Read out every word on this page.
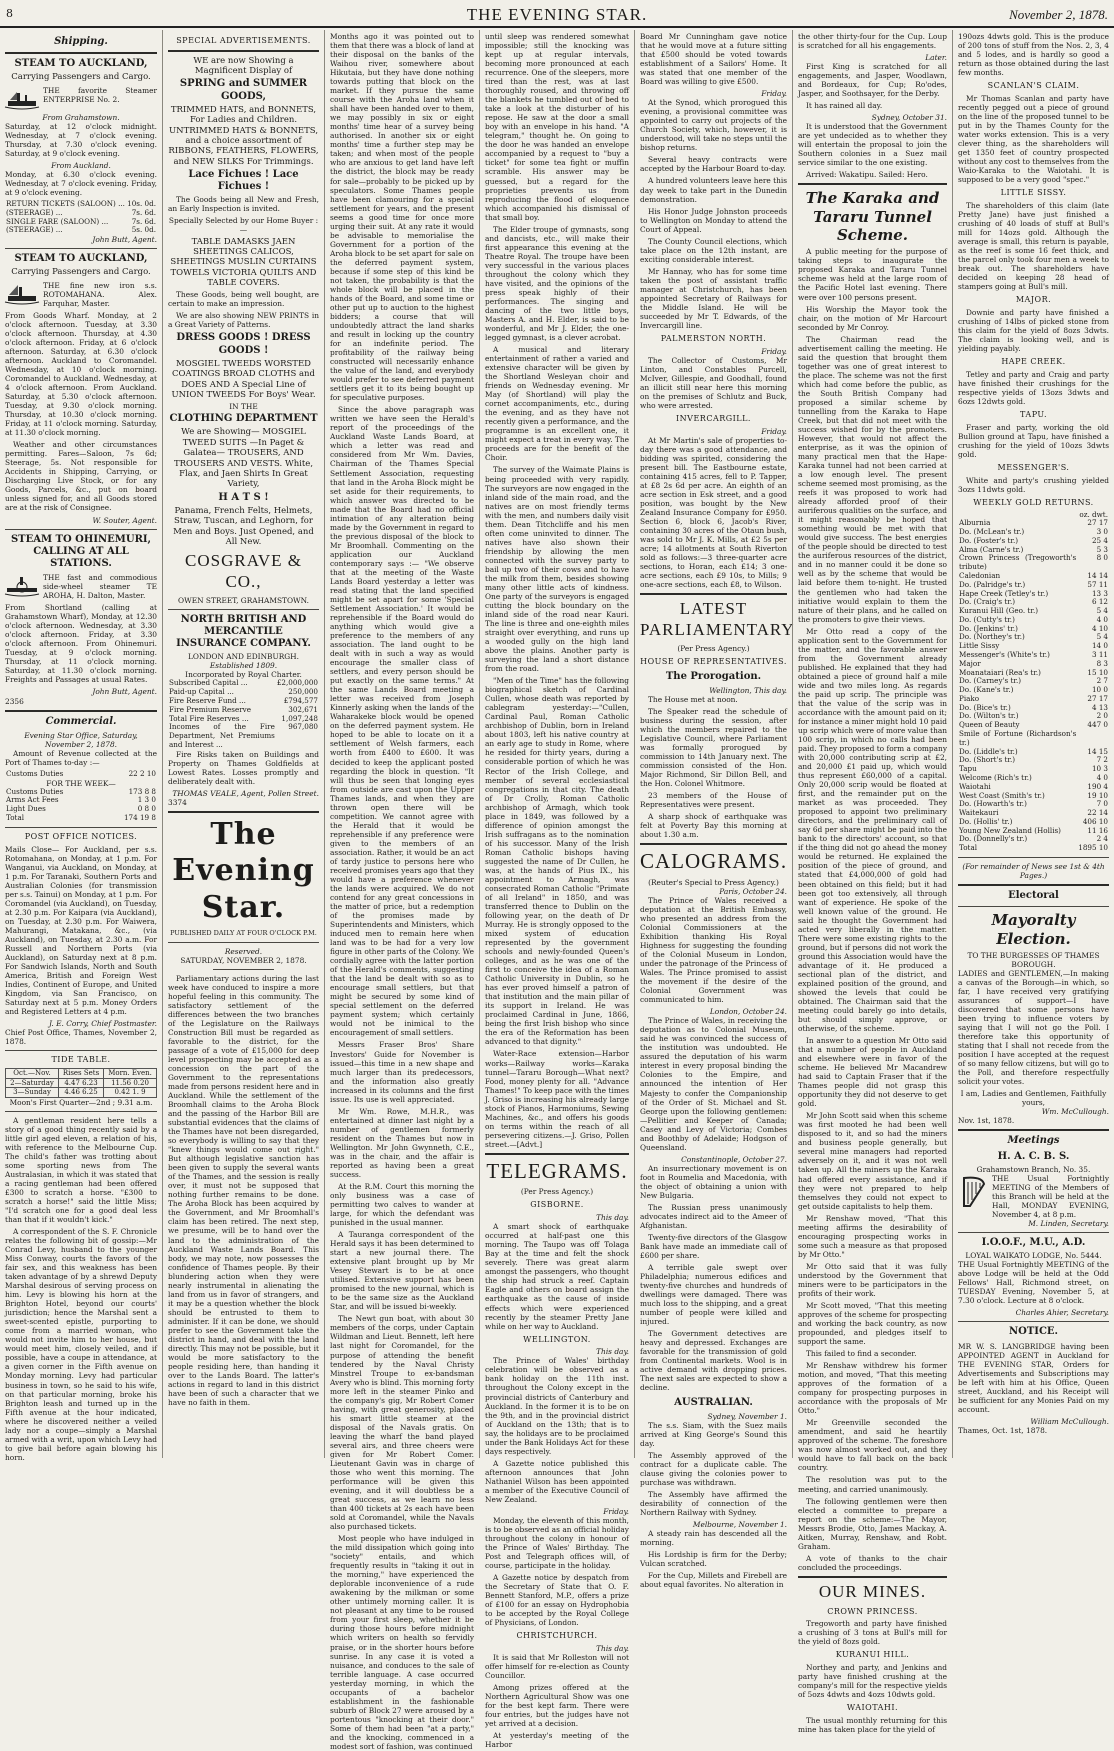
8	THE EVENING STAR.	November 2, 1878.
Shipping.
STEAM TO AUCKLAND,
Carrying Passengers and Cargo.
THE favorite Steamer ENTERPRISE No. 2.
From Grahamstown.

Saturday, at 12 o'clock midnight. Wednesday, at 7 o'clock evening. Thursday, at 7.30 o'clock evening. Saturday, at 9 o'clock evening.

From Auckland.

Monday, at 6.30 o'clock evening. Wednesday, at 7 o'clock evening. Friday, at 9 o'clock evening.

RETURN TICKETS (SALOON) ...	10s. 0d.
(STEERAGE) ...	7s. 6d.
SINGLE FARE (SALOON) ...	7s. 6d.
(STEERAGE) ...	5s. 0d.
John Butt, Agent.
STEAM TO AUCKLAND,
Carrying Passengers and Cargo.
THE fine new iron s.s. ROTOMAHANA. Alex. Farquhar, Master.

From Goods Wharf. Monday, at 2 o'clock afternoon. Tuesday, at 3.30 o'clock afternoon. Thursday, at 4.30 o'clock afternoon. Friday, at 6 o'clock afternoon. Saturday, at 6.30 o'clock afternoon. Auckland to Coromandel. Wednesday, at 10 o'clock morning. Coromandel to Auckland. Wednesday, at 4 o'clock afternoon. From Auckland. Saturday, at 5.30 o'clock afternoon. Tuesday, at 9.30 o'clock morning. Thursday, at 10.30 o'clock morning. Friday, at 11 o'clock morning. Saturday, at 11.30 o'clock morning.

Weather and other circumstances permitting. Fares—Saloon, 7s 6d; Steerage, 5s. Not responsible for Accidents in Shipping, Carrying, or Discharging Live Stock, or for any Goods, Parcels, &c., put on board unless signed for, and all Goods stored are at the risk of Consignee.

W. Souter, Agent.
STEAM TO OHINEMURI, CALLING AT ALL STATIONS.
THE fast and commodious side-wheel steamer TE AROHA, H. Dalton, Master.

From Shortland (calling at Grahamstown Wharf), Monday, at 12.30 o'clock afternoon. Wednesday, at 3.30 o'clock afternoon. Friday, at 3.30 o'clock afternoon. From Ohinemuri. Tuesday, at 9 o'clock morning. Thursday, at 11 o'clock morning. Saturday, at 11.30 o'clock morning. Freights and Passages at usual Rates.

John Butt, Agent.
2356
Commercial.
Evening Star Office, Saturday, November 2, 1878.

Amount of Revenue collected at the Port of Thames to-day :—

Customs Duties	22 2 10
FOR THE WEEK—
Customs Duties	173 8 8
Arms Act Fees	1 3 0
Light Dues	0 8 0
Total	174 19 8
POST OFFICE NOTICES.

Mails Close— For Auckland, per s.s. Rotomahana, on Monday, at 1 p.m. For Wanganui, via Auckland, on Monday, at 1 p.m. For Taranaki, Southern Ports and Australian Colonies (for transmission per s.s. Tainui) on Monday, at 1 p.m. For Coromandel (via Auckland), on Tuesday, at 2.30 p.m. For Kaipara (via Auckland), on Tuesday, at 2.30 p.m. For Waiwera, Mahurangi, Matakana, &c., (via Auckland), on Tuesday, at 2.30 a.m. For Russell and Northern Ports (via Auckland), on Saturday next at 8 p.m. For Sandwich Islands, North and South America, British and Foreign West Indies, Continent of Europe, and United Kingdom, via San Francisco, on Saturday next at 5 p.m. Money Orders and Registered Letters at 4 p.m.

J. E. Corry, Chief Postmaster.
Chief Post Office, Thames, November 2, 1878.
TIDE TABLE.
Oct.—Nov.	Rises Sets	Morn. Even.
2—Saturday	4.47 6.23	11.56 0.20
3—Sunday	4.46 6.25	0.42 1. 9
Moon's First Quarter—2nd ; 9.31 a.m.

A gentleman resident here tells a story of a good thing recently said by a little girl aged eleven, a relation of his, with reference to the Melbourne Cup. The child's father was trotting about some sporting news from The Australasian, in which it was stated that a racing gentleman had been offered £300 to scratch a horse. "£300 to scratch a horse!" said the little Miss; "I'd scratch one for a good deal less than that if it wouldn't kick."

A correspondent of the S. F. Chronicle relates the following bit of gossip:—Mr Conrad Levy, husband to the younger Miss Conway, courts the favors of the fair sex, and this weakness has been taken advantage of by a shrewd Deputy Marshal desirous of serving process on him. Levy is blowing his horn at the Brighton Hotel, beyond our courts' jurisdiction; hence the Marshal sent a sweet-scented epistle, purporting to come from a married woman, who would not invite him to her house, but would meet him, closely veiled, and if possible, have a coupe in attendance, at a given corner in the Fifth avenue on Monday morning. Levy had particular business in town, so he said to his wife, on that particular morning, broke his Brighton leash and turned up in the Fifth avenue at the hour indicated, where he discovered neither a veiled lady nor a coupe—simply a Marshal armed with a writ, upon which Levy had to give bail before again blowing his horn.

SPECIAL ADVERTISEMENTS.
WE are now Showing a Magnificent Display of
SPRING and SUMMER GOODS,
TRIMMED HATS, and BONNETS, For Ladies and Children. UNTRIMMED HATS & BONNETS, and a choice assortment of RIBBONS, FEATHERS, FLOWERS, and NEW SILKS For Trimmings.
Lace Fichues ! Lace Fichues !

The Goods being all New and Fresh, an Early Inspection is invited.

Specially Selected by our Home Buyer :—
TABLE DAMASKS JAEN SHEETINGS CALICOS, SHEETINGS MUSLIN CURTAINS TOWELS VICTORIA QUILTS AND TABLE COVERS.

These Goods, being well bought, are certain to make an impression.

We are also showing NEW PRINTS in a Great Variety of Patterns.

DRESS GOODS ! DRESS GOODS !
MOSGIEL TWEEDS WORSTED COATINGS BROAD CLOTHS and DOES AND A Special Line of UNION TWEEDS For Boys' Wear.
IN THE
CLOTHING DEPARTMENT
We are Showing— MOSGIEL TWEED SUITS —In Paget & Galatea— TROUSERS, AND TROUSERS AND VESTS. White, Flax, and Jaen Shirts In Great Variety,
H A T S !
Panama, French Felts, Helmets, Straw, Tuscan, and Leghorn, for Men and Boys. Just Opened, and All New.
COSGRAVE & CO.,
OWEN STREET, GRAHAMSTOWN.
NORTH BRITISH AND MERCANTILE INSURANCE COMPANY.
LONDON AND EDINBURGH.
Established 1809.
Incorporated by Royal Charter.
Subscribed Capital ...	£2,000,000
Paid-up Capital ...	250,000
Fire Reserve Fund ...	£794,577
Fire Premium Reserve	302,671
Total Fire Reserves ...	1,097,248
Incomes of the Fire Department, Net Premiums and Interest ...	967,080

Fire Risks taken on Buildings and Property on Thames Goldfields at Lowest Rates. Losses promptly and deliberately dealt with.

THOMAS VEALE, Agent, Pollen Street.
3374
The Evening Star.
PUBLISHED DAILY AT FOUR O'CLOCK P.M.
Reserved.
SATURDAY, NOVEMBER 2, 1878.

Parliamentary actions during the last week have conduced to inspire a more hopeful feeling in this community. The satisfactory settlement of the differences between the two branches of the Legislature on the Railways Construction Bill must be regarded as favorable to the district, for the passage of a vote of £15,000 for deep level prospecting may be accepted as a concession on the part of the Government to the representations made from persons resident here and in Auckland. While the settlement of the Broomhall claims to the Aroha Block and the passing of the Harbor Bill are substantial evidences that the claims of the Thames have not been disregarded, so everybody is willing to say that they "knew things would come out right." But although legislative sanction has been given to supply the several wants of the Thames, and the session is really over, it must not be supposed that nothing further remains to be done. The Aroha Block has been acquired by the Government, and Mr Broomhall's claim has been retired. The next step, we presume, will be to hand over the land to the administration of the Auckland Waste Lands Board. This body, we may note, now possesses the confidence of Thames people. By their blundering action when they were nearly instrumental in alienating the land from us in favor of strangers, and it may be a question whether the block should be entrusted to them to administer. If it can be done, we should prefer to see the Government take the district in hand, and deal with the land directly. This may not be possible, but it would be more satisfactory to the people residing here, than handing it over to the Lands Board. The latter's actions in regard to land in this district have been of such a character that we have no faith in them.

Months ago it was pointed out to them that there was a block of land at their disposal on the banks of the Waihou river, somewhere about Hikutaia, but they have done nothing towards putting that block on the market. If they pursue the same course with the Aroha land when it shall have been handed over to them, we may possibly in six or eight months' time hear of a survey being authorised. In another six or eight months' time a further step may be taken; and when most of the people who are anxious to get land have left the district, the block may be ready for sale—probably to be picked up by speculators. Some Thames people have been clamouring for a special settlement for years, and the present seems a good time for once more urging their suit. At any rate it would be advisable to memorialise the Government for a portion of the Aroha block to be set apart for sale on the deferred payment system, because if some step of this kind be not taken, the probability is that the whole block will be placed in the hands of the Board, and some time or other put up to auction to the highest bidders; a course that will undoubtedly attract the land sharks and result in locking up the country for an indefinite period. The profitability of the railway being constructed will necessarily enhance the value of the land, and everybody would prefer to see deferred payment settlers get it to its being bought up for speculative purposes.

Since the above paragraph was written we have seen the Herald's report of the proceedings of the Auckland Waste Lands Board, at which a letter was read and considered from Mr Wm. Davies, Chairman of the Thames Special Settlement Association, requesting that land in the Aroha Block might be set aside for their requirements, to which answer was directed to be made that the Board had no official intimation of any alteration being made by the Government in regard to the previous disposal of the block to Mr Broomhall. Commenting on the application our Auckland contemporary says :— "We observe that at the meeting of the Waste Lands Board yesterday a letter was read stating that the land specified might be set apart for some 'Special Settlement Association.' It would be reprehensible if the Board would do anything which would give a preference to the members of any association. The land ought to be dealt with in such a way as would encourage the smaller class of settlers, and every person should be put exactly on the same terms." At the same Lands Board meeting a letter was received from Joseph Kinnerly asking when the lands of the Waharakeke block would be opened on the deferred payment system. He hoped to be able to locate on it a settlement of Welsh farmers, each worth from £400 to £600. It was decided to keep the applicant posted regarding the block in question. "It will thus be seen that longing eyes from outside are cast upon the Upper Thames lands, and when they are thrown open there will be competition. We cannot agree with the Herald that it would be reprehensible if any preference were given to the members of an association. Rather, it would be an act of tardy justice to persons here who received promises years ago that they would have a preference whenever the lands were acquired. We do not contend for any great concessions in the matter of price, but a redemption of the promises made by Superintendents and Ministers, which induced men to remain here when land was to be had for a very low figure in other parts of the Colony. We cordially agree with the latter portion of the Herald's comments, suggesting that the land be dealt with so as to encourage small settlers, but that might be secured by some kind of special settlement on the deferred payment system; which certainly would not be inimical to the encouragement of small settlers.

Messrs Fraser Bros' Share Investors' Guide for November is issued—this time in a new shape and much larger than its predecessors, and the information also greatly increased in its columns and the first issue. Its use is well appreciated.

Mr Wm. Rowe, M.H.R., was entertained at dinner last night by a number of gentlemen formerly resident on the Thames but now in Wellington. Mr John Gwynneth, C.E., was in the chair, and the affair is reported as having been a great success.

At the R.M. Court this morning the only business was a case of permitting two calves to wander at large, for which the defendant was punished in the usual manner.

A Tauranga correspondent of the Herald says it has been determined to start a new journal there. The extensive plant brought up by Mr Vesey Stewart is to be at once utilised. Extensive support has been promised to the new journal, which is to be the same size as the Auckland Star, and will be issued bi-weekly.

The Newt gun boat, with about 30 members of the corps, under Captain Wildman and Lieut. Bennett, left here last night for Coromandel, for the purpose of attending the benefit tendered by the Naval Christy Minstrel Troupe to ex-bandsman Avery who is blind. This morning forty more left in the steamer Pinko and the company's gig, Mr Robert Comer having, with great generosity, placed his smart little steamer at the disposal of the Navals gratis. On leaving the wharf the band played several airs, and three cheers were given for Mr Robert Comer. Lieutenant Gavin was in charge of those who went this morning. The performance will be given this evening, and it will doubtless be a great success, as we learn no less than 400 tickets at 2s each have been sold at Coromandel, while the Navals also purchased tickets.

Most people who have indulged in the mild dissipation which going into "society" entails, and which frequently results in "taking it out in the morning," have experienced the deplorable inconvenience of a rude awakening by the milkman or some other untimely morning caller. It is not pleasant at any time to be roused from your first sleep, whether it be during those hours before midnight which writers on health so fervidly praise, or in the shorter hours before sunrise. In any case it is voted a nuisance, and conduces to the sale of terrible language. A case occurred yesterday morning, in which the occupants of a bachelor establishment in the fashionable suburb of Block 27 were aroused by a portentous "knocking at their door." Some of them had been "at a party," and the knocking, commenced in a modest sort of fashion, was continued

until sleep was rendered somewhat impossible; still the knocking was kept up at regular intervals, becoming more pronounced at each recurrence. One of the sleepers, more tired than the rest, was at last thoroughly roused, and throwing off the blankets he tumbled out of bed to take a look at the disturber of his repose. He saw at the door a small boy with an envelope in his hand. "A telegram," thought he. On going to the door he was handed an envelope accompanied by a request to "buy a ticket" for some tea fight or muffin scramble. His answer may be guessed, but a regard for the proprieties prevents us from reproducing the flood of eloquence which accompanied his dismissal of that small boy.

The Elder troupe of gymnasts, song and dancists, etc., will make their first appearance this evening at the Theatre Royal. The troupe have been very successful in the various places throughout the colony which they have visited, and the opinions of the press speak highly of their performances. The singing and dancing of the two little boys, Masters A. and H. Elder, is said to be wonderful, and Mr J. Elder, the one-legged gymnast, is a clever acrobat.

A musical and literary entertainment of rather a varied and extensive character will be given by the Shortland Wesleyan choir and friends on Wednesday evening. Mr May (of Shortland) will play the cornet accompaniments, etc., during the evening, and as they have not recently given a performance, and the programme is an excellent one, it might expect a treat in every way. The proceeds are for the benefit of the Choir.

The survey of the Waimate Plains is being proceeded with very rapidly. The surveyors are now engaged in the inland side of the main road, and the natives are on most friendly terms with the men, and numbers daily visit them. Dean Titchcliffe and his men often come uninvited to dinner. The natives have also shown their friendship by allowing the men connected with the survey party to bail up two of their cows and to have the milk from them, besides showing many other little acts of kindness. One party of the surveyors is engaged cutting the block boundary on the inland side of the road near Kauri. The line is three and one-eighth miles straight over everything, and runs up a wooded gully on the high land above the plains. Another party is surveying the land a short distance from the road.

"Men of the Time" has the following biographical sketch of Cardinal Cullen, whose death was reported by cablegram yesterday:—"Cullen, Cardinal Paul, Roman Catholic archbishop of Dublin, born in Ireland about 1803, left his native country at an early age to study in Rome, where he resided for thirty years, during a considerable portion of which he was Rector of the Irish College, and member of several ecclesiastical congregations in that city. The death of Dr Crolly, Roman Catholic archbishop of Armagh, which took place in 1849, was followed by a difference of opinion amongst the Irish suffragans as to the nomination of his successor. Many of the Irish Roman Catholic bishops having suggested the name of Dr Cullen, he was, at the hands of Pius IX., his appointment to Armagh, was consecrated Roman Catholic "Primate of all Ireland" in 1850, and was transferred thence to Dublin on the following year, on the death of Dr Murray. He is strongly opposed to the mixed system of education represented by the government schools and newly-founded Queen's colleges, and as he was one of the first to conceive the idea of a Roman Catholic University in Dublin, so he has ever proved himself a patron of that institution and the main pillar of its support in Ireland. He was proclaimed Cardinal in June, 1866, being the first Irish bishop who since the era of the Reformation has been advanced to that dignity."

Water-Race extension—Harbor works—Railway works—Karaka tunnel—Tararu Borough—What next? Food, money plenty for all. "Advance Thames!" To keep pace with the times J. Griso is increasing his already large stock of Pianos, Harmoniums, Sewing Machines, &c., and offers his goods on terms within the reach of all persevering citizens.—J. Griso, Pollen street.—[Advt.]

TELEGRAMS.
(Per Press Agency.)
GISBORNE.
This day.

A smart shock of earthquake occurred at half-past one this morning. The Taupo was off Tolaga Bay at the time and felt the shock severely. There was great alarm amongst the passengers, who thought the ship had struck a reef. Captain Eagle and others on board assign the earthquake as the cause of inside effects which were experienced recently by the steamer Pretty Jane while on her way to Auckland.

WELLINGTON.
This day.

The Prince of Wales' birthday celebration will be observed as a bank holiday on the 11th inst. throughout the Colony except in the provincial districts of Canterbury and Auckland. In the former it is to be on the 9th, and in the provincial district of Auckland on the 13th; that is to say, the holidays are to be proclaimed under the Bank Holidays Act for these days respectively.

A Gazette notice published this afternoon announces that John Nathaniel Wilson has been appointed a member of the Executive Council of New Zealand.

Friday.

Monday, the eleventh of this month, is to be observed as an official holiday throughout the colony in honour of the Prince of Wales' Birthday. The Post and Telegraph offices will, of course, participate in the holiday.

A Gazette notice by despatch from the Secretary of State that O. F. Bennett Stanford, M.P., offers a prize of £100 for an essay on Hydrophobia to be accepted by the Royal College of Physicians, of London.

CHRISTCHURCH.
This day.

It is said that Mr Rolleston will not offer himself for re-election as County Councillor.

Among prizes offered at the Northern Agricultural Show was one for the best kept farm. There were four entries, but the judges have not yet arrived at a decision.

At yesterday's meeting of the Harbor

Board Mr Cunningham gave notice that he would move at a future sitting that £500 should be voted towards establishment of a Sailors' Home. It was stated that one member of the Board was willing to give £500.

Friday.

At the Synod, which prorogued this evening, a provisional committee was appointed to carry out projects of the Church Society, which, however, it is understood, will take no steps until the bishop returns.

Several heavy contracts were accepted by the Harbour Board to-day.

A hundred volunteers leave here this day week to take part in the Dunedin demonstration.

His Honor Judge Johnston proceeds to Wellington on Monday to attend the Court of Appeal.

The County Council elections, which take place on the 12th instant, are exciting considerable interest.

Mr Hannay, who has for some time taken the post of assistant traffic manager at Christchurch, has been appointed Secretary of Railways for the Middle Island. He will be succeeded by Mr T. Edwards, of the Invercargill line.

PALMERSTON NORTH.
Friday.

The Collector of Customs, Mr Linton, and Constables Purcell, McIver, Gillespie, and Goodhall, found an illicit still near here this morning on the premises of Schlutz and Buck, who were arrested.

INVERCARGILL.
Friday.

At Mr Martin's sale of properties to-day there was a good attendance, and bidding was spirited, considering the present bill. The Eastbourne estate, containing 415 acres, fell to P. Tapper, at £8 2s 6d per acre. An eighth of an acre section in Esk street, and a good position, was bought by the New Zealand Insurance Company for £950. Section 6, block 6, Jacob's River, containing 30 acres of the Otaun bush, was sold to Mr J. K. Mills, at £2 5s per acre; 14 allotments at South Riverton sold as follows:—3 three-quarter acre sections, to Horan, each £14; 3 one-acre sections, each £9 10s, to Mills; 9 one-acre sections, each £8, to Wilson.

LATEST PARLIAMENTARY
(Per Press Agency.)
HOUSE OF REPRESENTATIVES.
The Prorogation.
Wellington, This day.

The House met at noon.

The Speaker read the schedule of business during the session, after which the members repaired to the Legislative Council, where Parliament was formally prorogued by commission to 14th January next. The commission consisted of the Hon. Major Richmond, Sir Dillon Bell, and the Hon. Colonel Whitmore.

23 members of the House of Representatives were present.

A sharp shock of earthquake was felt at Poverty Bay this morning at about 1.30 a.m.

CALOGRAMS.
(Reuter's Special to Press Agency.)
Paris, October 24.

The Prince of Wales received a deputation at the British Embassy, who presented an address from the Colonial Commissioners at the Exhibition thanking His Royal Highness for suggesting the founding of the Colonial Museum in London, under the patronage of the Princess of Wales. The Prince promised to assist the movement if the desire of the Colonial Government was communicated to him.

London, October 24.

The Prince of Wales, in receiving the deputation as to Colonial Museum, said he was convinced the success of the institution was undoubted. He assured the deputation of his warm interest in every proposal binding the Colonies to the Empire, and announced the intention of Her Majesty to confer the Companionship of the Order of St. Michael and St. George upon the following gentlemen:—Pellitier and Keeper of Canada; Casey and Levy of Victoria; Combes and Boothby of Adelaide; Hodgson of Queensland.

Constantinople, October 27.

An insurrectionary movement is on foot in Roumelia and Macedonia, with the object of obtaining a union with New Bulgaria.

The Russian press unanimously advocates indirect aid to the Ameer of Afghanistan.

Twenty-five directors of the Glasgow Bank have made an immediate call of £600 per share.

A terrible gale swept over Philadelphia; numerous edifices and twenty-five churches and hundreds of dwellings were damaged. There was much loss to the shipping, and a great number of people were killed and injured.

The Government detectives are heavy and depressed. Exchanges are favorable for the transmission of gold from Continental markets. Wool is in active demand with dropping prices. The next sales are expected to show a decline.

AUSTRALIAN.
Sydney, November 1.

The s.s. Siam, with the Suez mails arrived at King George's Sound this day.

The Assembly approved of the contract for a duplicate cable. The clause giving the colonies power to purchase was withdrawn.

The Assembly have affirmed the desirability of connection of the Northern Railway with Sydney.

Melbourne, November 1.

A steady rain has descended all the morning.

His Lordship is firm for the Derby; Vulcan scratched.

For the Cup, Millets and Firebell are about equal favorites. No alteration in

the other thirty-four for the Cup. Loup is scratched for all his engagements.

Later.

First King is scratched for all engagements, and Jasper, Woodlawn, and Bordeaux, for Cup; Ro'odes, Jasper, and Soothsayer, for the Derby.

It has rained all day.

Sydney, October 31.

It is understood that the Government are yet undecided as to whether they will entertain the proposal to join the Southern colonies in a Suez mail service similar to the one existing.

Arrived: Wakatipu. Sailed: Hero.

The Karaka and Tararu Tunnel Scheme.

A public meeting for the purpose of taking steps to inaugurate the proposed Karaka and Tararu Tunnel scheme was held at the large room of the Pacific Hotel last evening. There were over 100 persons present.

His Worship the Mayor took the chair, on the motion of Mr Harcourt seconded by Mr Conroy.

The Chairman read the advertisement calling the meeting. He said the question that brought them together was one of great interest to the place. The scheme was not the first which had come before the public, as the South British Company had proposed a similar scheme by tunnelling from the Karaka to Hape Creek, but that did not meet with the success wished for by the promoters. However, that would not affect the enterprise, as it was the opinion of many practical men that the Hape-Karaka tunnel had not been carried at a low enough level. The present scheme seemed most promising, as the reefs it was proposed to work had already afforded proof of their auriferous qualities on the surface, and it might reasonably be hoped that something would be met with that would give success. The best energies of the people should be directed to test the auriferous resources of the district, and in no manner could it be done so well as by the scheme that would be laid before them to-night. He trusted the gentlemen who had taken the initiative would explain to them the nature of their plans, and he called on the promoters to give their views.

Mr Otto read a copy of the application sent to the Government for the matter, and the favorable answer from the Government already published. He explained that they had obtained a piece of ground half a mile wide and two miles long. As regards the paid up scrip. The principle was that the value of the scrip was in accordance with the amount paid on it; for instance a miner might hold 10 paid up scrip which were of more value than 100 scrip, in which no calls had been paid. They proposed to form a company with 20,000 contributing scrip at £2, and 20,000 £1 paid up, which would thus represent £60,000 of a capital. Only 20,000 scrip would be floated at first, and the remainder put on the market as was proceeded. They proposed to appoint two preliminary directors, and the preliminary call of say 6d per share might be paid into the bank to the directors' account, so that if the thing did not go ahead the money would be returned. He explained the position of the piece of ground, and stated that £4,000,000 of gold had been obtained on this field; but it had been got too extensively, all through want of experience. He spoke of the well known value of the ground. He said he thought the Government had acted very liberally in the matter. There were some existing rights to the ground, but if persons did not work the ground this Association would have the advantage of it. He produced a sectional plan of the district, and explained position of the ground, and showed the levels that could be obtained. The Chairman said that the meeting could barely go into details, but should simply approve, or otherwise, of the scheme.

In answer to a question Mr Otto said that a number of people in Auckland and elsewhere were in favor of the scheme. He believed Mr Macandrew had said to Captain Fraser that if the Thames people did not grasp this opportunity they did not deserve to get gold.

Mr John Scott said when this scheme was first mooted he had been well disposed to it, and so had the miners and business people generally, but several mine managers had reported adversely on it, and it was not well taken up. All the miners up the Karaka had offered every assistance, and if they were not prepared to help themselves they could not expect to get outside capitalists to help them.

Mr Renshaw moved, "That this meeting affirms the desirability of encouraging prospecting works in some such a measure as that proposed by Mr Otto."

Mr Otto said that it was fully understood by the Government that miners were to be participators in the profits of their work.

Mr Scott moved, "That this meeting approves of the scheme for prospecting and working the back country, as now propounded, and pledges itself to support the same.

This failed to find a seconder.

Mr Renshaw withdrew his former motion, and moved, "That this meeting approves of the formation of a company for prospecting purposes in accordance with the proposals of Mr Otto."

Mr Greenville seconded the amendment, and said he heartily approved of the scheme. The foreshore was now almost worked out, and they would have to fall back on the back country.

The resolution was put to the meeting, and carried unanimously.

The following gentlemen were then elected a committee to prepare a report on the scheme:—The Mayor, Messrs Brodie, Otto, James Mackay, A. Aitken, Murray, Renshaw, and Robt. Graham.

A vote of thanks to the chair concluded the proceedings.

OUR MINES.
CROWN PRINCESS.

Tregoworth and party have finished a crushing of 3 tons at Bull's mill for the yield of 8ozs gold.

KURANUI HILL.

Northey and party, and Jenkins and party have finished crushing at the company's mill for the respective yields of 5ozs 4dwts and 4ozs 10dwts gold.

WAIOTAHI.

The usual monthly returning for this mine has taken place for the yield of

190ozs 4dwts gold. This is the produce of 200 tons of stuff from the Nos. 2, 3, 4 and 5 lodes, and is hardly so good a return as those obtained during the last few months.

SCANLAN'S CLAIM.

Mr Thomas Scanlan and party have recently pegged out a piece of ground on the line of the proposed tunnel to be put in by the Thames County for the water works extension. This is a very clever thing, as the shareholders will get 1350 feet of country prospected without any cost to themselves from the Waio-Karaka to the Waiotahi. It is supposed to be a very good "spec."

LITTLE SISSY.

The shareholders of this claim (late Pretty Jane) have just finished a crushing of 40 loads of stuff at Bull's mill for 14ozs gold. Although the average is small, this return is payable, as the reef is some 16 feet thick, and the parcel only took four men a week to break out. The shareholders have decided on keeping 28 head of stampers going at Bull's mill.

MAJOR.

Downie and party have finished a crushing of 14lbs of picked stone from this claim for the yield of 8ozs 3dwts. The claim is looking well, and is yielding payably.

HAPE CREEK.

Tetley and party and Craig and party have finished their crushings for the respective yields of 13ozs 3dwts and 6ozs 12dwts gold.

TAPU.

Fraser and party, working the old Bullion ground at Tapu, have finished a crushing for the yield of 10ozs 3dwts gold.

MESSENGER'S.

White and party's crushing yielded 3ozs 11dwts gold.

WEEKLY GOLD RETURNS.
	oz. dwt.
Alburnia	27 17
Do. (McLean's tr.)	3 0
Do. (Foster's tr.)	25 4
Alma (Carne's tr.)	5 3
Crown Princess (Tregoworth's tribute)	8 0
Caledonian	14 14
Do. (Palridge's tr.)	57 11
Hape Creek (Tetley's tr.)	13 3
Do. (Craig's tr.)	6 12
Kuranui Hill (Geo. tr.)	5 4
Do. (Cutty's tr.)	4 0
Do. (Jenkins' tr.)	4 10
Do. (Northey's tr.)	5 4
Little Sissy	14 0
Messenger's (White's tr.)	3 11
Major	8 3
Moanataiari (Rea's tr.)	15 10
Do. (Carney's tr.)	2 7
Do. (Kane's tr.)	10 0
Piako	27 17
Do. (Bice's tr.)	4 13
Do. (Wilton's tr.)	2 0
Queen of Beauty	447 0
Smile of Fortune (Richardson's tr.)	
Do. (Liddle's tr.)	14 15
Do. (Short's tr.)	7 2
Tapu	10 3
Welcome (Rich's tr.)	4 0
Waiotahi	190 4
West Coast (Smith's tr.)	19 10
Do. (Howarth's tr.)	7 0
Waitekauri	22 14
Do. (Hollis' tr.)	406 10
Young New Zealand (Hollis)	11 16
Do. (Donnelly's tr.)	2 4
Total	1895 10
(For remainder of News see 1st & 4th Pages.)
Electoral
Mayoralty Election.
TO THE BURGESSES OF THAMES BOROUGH.

LADIES and GENTLEMEN,—In making a canvas of the Borough—in which, so far, I have received very gratifying assurances of support—I have discovered that some persons have been trying to influence voters by saying that I will not go the Poll. I therefore take this opportunity of stating that I shall not recede from the position I have accepted at the request of so many fellow citizens, but will go to the Poll, and therefore respectfully solicit your votes.

I am, Ladies and Gentlemen, Faithfully yours,
Wm. McCullough.
Nov. 1st, 1878.
Meetings
H. A. C. B. S.
Grahamstown Branch, No. 35.
THE Usual Fortnightly MEETING of the Members of this Branch will be held at the Hall, MONDAY EVENING, November 4, at 8 p.m.
M. Linden, Secretary.
I.O.O.F., M.U., A.D.
LOYAL WAIKATO LODGE, No. 5444.

THE Usual Fortnightly MEETING of the above Lodge will be held at the Odd Fellows' Hall, Richmond street, on TUESDAY Evening, November 5, at 7.30 o'clock. Lecture at 8 o'clock.

Charles Ahier, Secretary.
NOTICE.

MR W. S. LANGBRIDGE having been APPOINTED AGENT in Auckland for THE EVENING STAR, Orders for Advertisements and Subscriptions may be left with him at his Office, Queen street, Auckland, and his Receipt will be sufficient for any Monies Paid on my account.

William McCullough.
Thames, Oct. 1st, 1878.
